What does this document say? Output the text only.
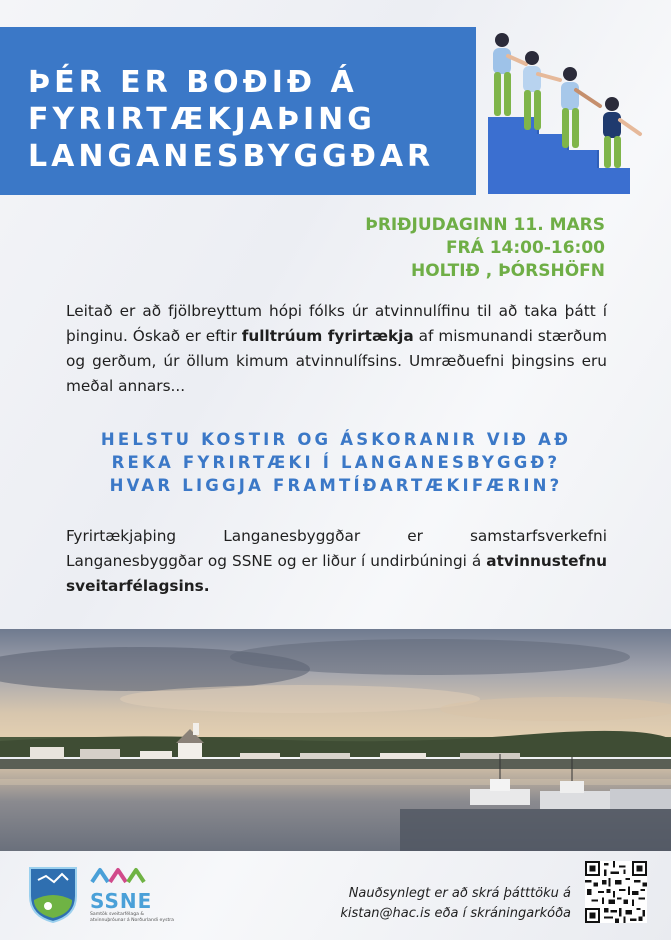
ÞÉR ER BOÐIÐ Á
FYRIRTÆKJAÞING
LANGANESBYGGÐAR
ÞRIÐJUDAGINN 11. MARS
FRÁ 14:00-16:00
HOLTIÐ , ÞÓRSHÖFN
Leitað er að fjölbreyttum hópi fólks úr atvinnulífinu til að taka þátt í þinginu. Óskað er eftir fulltrúum fyrirtækja af mismunandi stærðum og gerðum, úr öllum kimum atvinnulífsins. Umræðuefni þingsins eru meðal annars...
HELSTU KOSTIR OG ÁSKORANIR VIÐ AÐ
REKA FYRIRTÆKI Í LANGANESBYGGÐ?
HVAR LIGGJA FRAMTÍÐARTÆKIFÆRIN?
Fyrirtækjaþing Langanesbyggðar er samstarfsverkefni Langanesbyggðar og SSNE og er liður í undirbúningi á atvinnustefnu sveitarfélagsins.
SSNE
Samtök sveitarfélaga & atvinnuþróunar á Norðurlandi eystra
Nauðsynlegt er að skrá þátttöku á
kistan@hac.is eða í skráningarkóða
